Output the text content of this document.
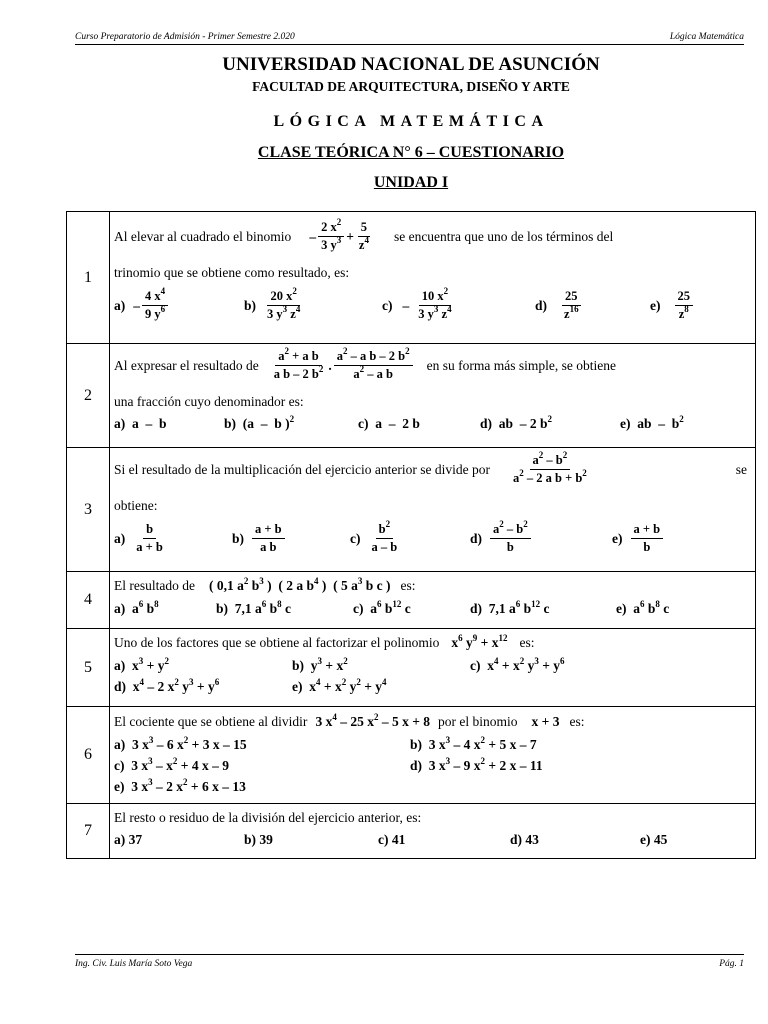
Curso Preparatorio de Admisión - Primer Semestre 2.020	Lógica Matemática
UNIVERSIDAD NACIONAL DE ASUNCIÓN
FACULTAD DE ARQUITECTURA, DISEÑO Y ARTE
LÓGICA MATEMÁTICA
CLASE TEÓRICA N° 6 – CUESTIONARIO
UNIDAD I
1
Al elevar al cuadrado el binomio – $\frac{2 x^2}{3 y^3} + \frac{5}{z^4}$ se encuentra que uno de los términos del
trinomio que se obtiene como resultado, es:
$a) - \frac{4 x^4}{9 y^6}$	$b) \frac{20 x^2}{3 y^3 z^4}$	$c) - \frac{10 x^2}{3 y^3 z^4}$	$d) \frac{25}{z^{16}}$	$e) \frac{25}{z^8}$
2
Al expresar el resultado de $\frac{a^2 + a b}{a b - 2 b^2}$ . $\frac{a^2 - a b - 2 b^2}{a^2 - a b}$ en su forma más simple, se obtiene
una fracción cuyo denominador es:
a)  a  –  b	b)  (a  –  b )$^2$	c)  a  –  2 b	d)  ab  – 2 $b^2$	e)  ab  –  $b^2$
3
Si el resultado de la multiplicación del ejercicio anterior se divide por $\frac{a^2 - b^2}{a^2 - 2 a b + b^2}$	se
obtiene:
$a) \frac{b}{a + b}$	$b) \frac{a + b}{\text{a b}}$	$c) \frac{b^2}{a - b}$	$d) \frac{a^2 - b^2}{b}$	$e) \frac{a + b}{b}$
4
El resultado de ( 0,1 $a^2$ $b^3$ )  ( 2 a $b^4$ )  ( 5 $a^3$ b c ) es:
a)  $a^6$ $b^8$	b)  7,1 $a^6$ $b^8$ c	c)  $a^6$ $b^{12}$ c	d)  7,1 $a^6$ $b^{12}$ c	e)  $a^6$ $b^8$ c
5
Uno de los factores que se obtiene al factorizar el polinomio $x^6$ $y^9 + x^{12}$ es:
a)  $x^3 + y^2$	b)  $y^3 + x^2$	c)  $x^4 + x^2$ $y^3 + y^6$
d)  $x^4 - 2$ $x^2$ $y^3 + y^6$	e)  $x^4 + x^2$ $y^2 + y^4$
6
El cociente que se obtiene al dividir 3 $x^4 - 25$ $x^2 - 5$ x + 8 por el binomio x + 3 es:
a)  3 $x^3 - 6$ $x^2 + 3$ x – 15	b)  3 $x^3 - 4$ $x^2 + 5$ x – 7
c)  3 $x^3 - x^2 + 4$ x – 9	d)  3 $x^3 - 9$ $x^2 + 2$ x – 11
e)  3 $x^3 - 2$ $x^2 + 6$ x – 13
7
El resto o residuo de la división del ejercicio anterior, es:
a) 37	b) 39	c) 41	d) 43	e) 45
Ing. Civ. Luis María Soto Vega	Pág. 1
